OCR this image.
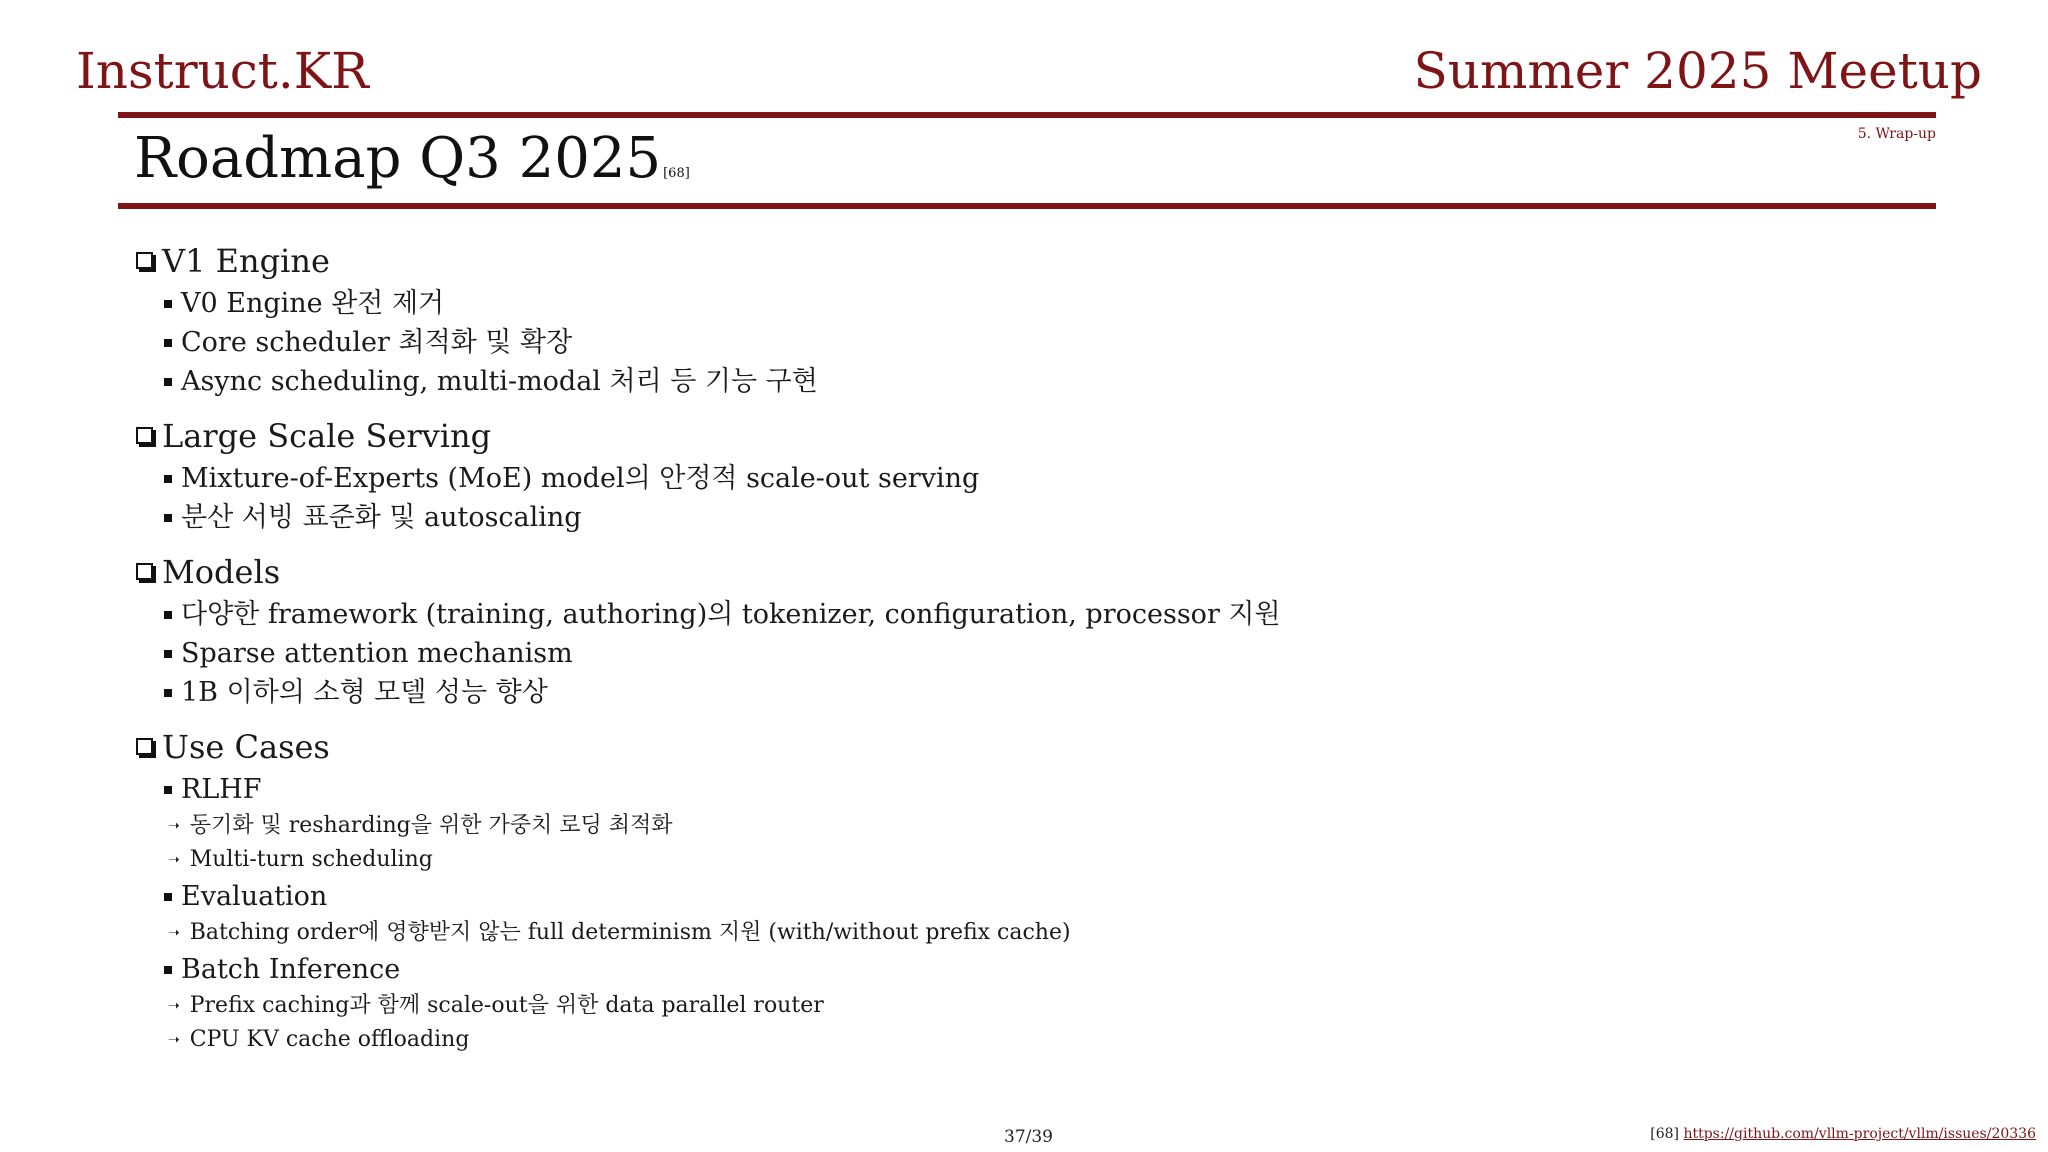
Instruct.KR	Summer 2025 Meetup
5. Wrap-up
Roadmap Q3 2025 [68]
V1 Engine
V0 Engine 완전 제거
Core scheduler 최적화 및 확장
Async scheduling, multi-modal 처리 등 기능 구현
Large Scale Serving
Mixture-of-Experts (MoE) model의 안정적 scale-out serving
분산 서빙 표준화 및 autoscaling
Models
다양한 framework (training, authoring)의 tokenizer, configuration, processor 지원
Sparse attention mechanism
1B 이하의 소형 모델 성능 향상
Use Cases
RLHF
➝ 동기화 및 resharding을 위한 가중치 로딩 최적화
➝ Multi-turn scheduling
Evaluation
➝ Batching order에 영향받지 않는 full determinism 지원 (with/without prefix cache)
Batch Inference
➝ Prefix caching과 함께 scale-out을 위한 data parallel router
➝ CPU KV cache offloading
37/39	[68] https://github.com/vllm-project/vllm/issues/20336
